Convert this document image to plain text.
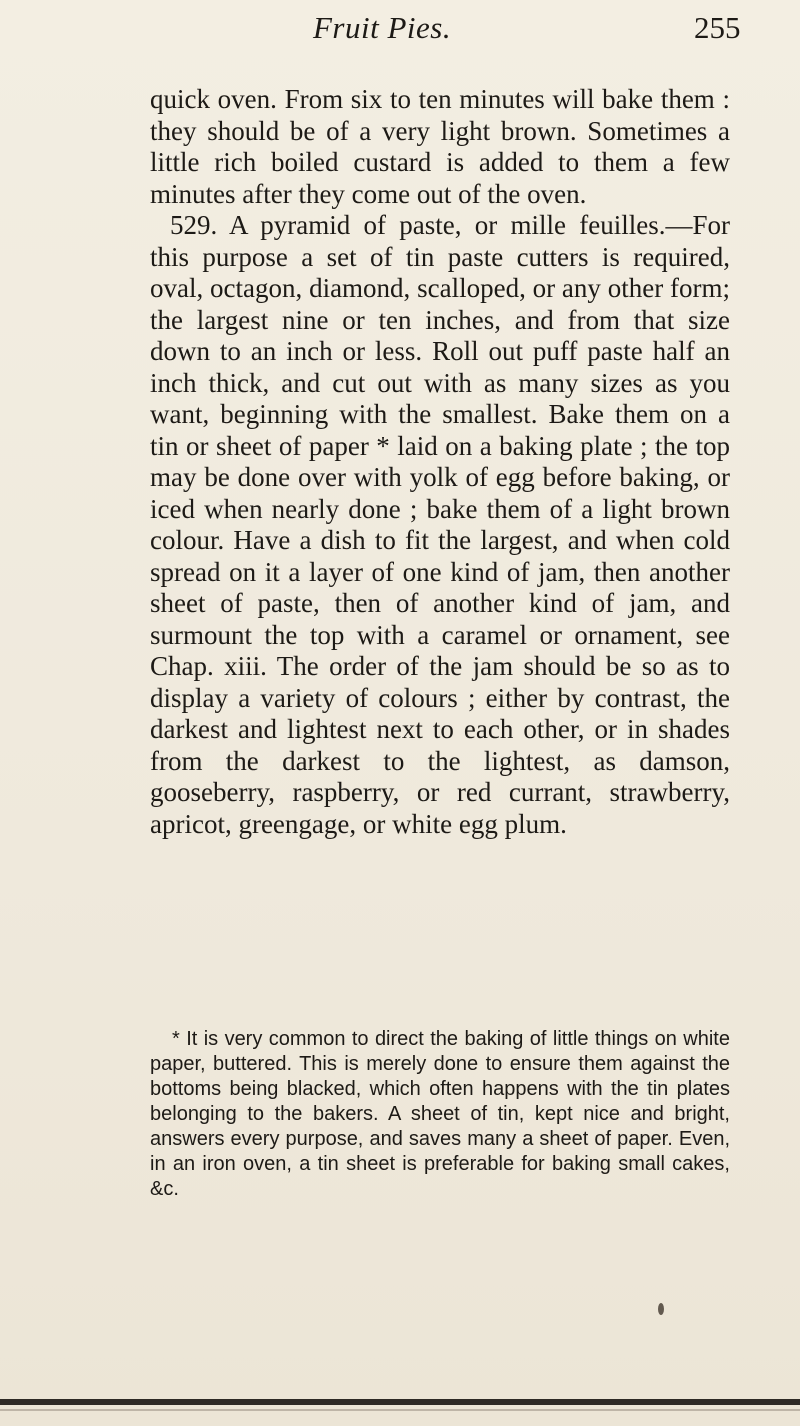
Fruit Pies.	255

quick oven. From six to ten minutes will bake them : they should be of a very light brown. Sometimes a little rich boiled custard is added to them a few minutes after they come out of the oven.

529. A pyramid of paste, or mille feuilles.—For this purpose a set of tin paste cutters is required, oval, octagon, diamond, scalloped, or any other form; the largest nine or ten inches, and from that size down to an inch or less. Roll out puff paste half an inch thick, and cut out with as many sizes as you want, beginning with the smallest. Bake them on a tin or sheet of paper * laid on a baking plate ; the top may be done over with yolk of egg before baking, or iced when nearly done ; bake them of a light brown colour. Have a dish to fit the largest, and when cold spread on it a layer of one kind of jam, then another sheet of paste, then of another kind of jam, and surmount the top with a caramel or ornament, see Chap. xiii. The order of the jam should be so as to display a variety of colours ; either by contrast, the darkest and lightest next to each other, or in shades from the darkest to the lightest, as damson, gooseberry, raspberry, or red currant, strawberry, apricot, greengage, or white egg plum.

* It is very common to direct the baking of little things on white paper, buttered. This is merely done to ensure them against the bottoms being blacked, which often happens with the tin plates belonging to the bakers. A sheet of tin, kept nice and bright, answers every purpose, and saves many a sheet of paper. Even, in an iron oven, a tin sheet is preferable for baking small cakes, &c.
